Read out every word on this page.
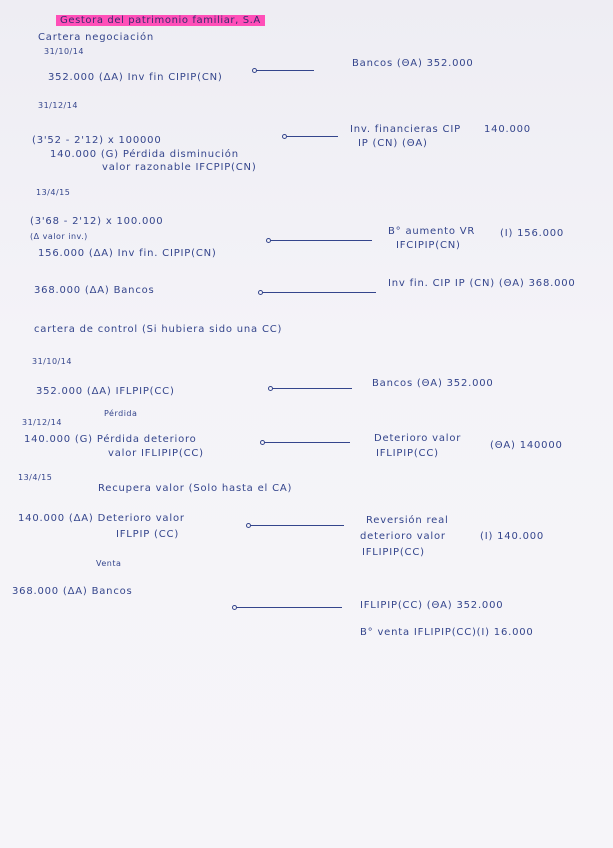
Gestora del patrimonio familiar, S.A
Cartera negociación
31/10/14
352.000 (ΔA) Inv fin CIPIP(CN)
Bancos (ΘA) 352.000
31/12/14
(3'52 - 2'12) x 100000
140.000 (G) Pérdida disminución
valor razonable IFCPIP(CN)
Inv. financieras CIP
IP (CN) (ΘA)
140.000
13/4/15
(3'68 - 2'12) x 100.000
(Δ valor inv.)
156.000 (ΔA) Inv fin. CIPIP(CN)
B° aumento VR
IFCIPIP(CN)
(I) 156.000
368.000 (ΔA) Bancos
Inv fin. CIP IP (CN) (ΘA) 368.000
cartera de control (Si hubiera sido una CC)
31/10/14
352.000 (ΔA) IFLPIP(CC)
Bancos (ΘA) 352.000
Pérdida
31/12/14
140.000 (G) Pérdida deterioro
valor IFLIPIP(CC)
Deterioro valor
IFLIPIP(CC)
(ΘA) 140000
13/4/15
Recupera valor (Solo hasta el CA)
140.000 (ΔA) Deterioro valor
IFLPIP (CC)
Reversión real
deterioro valor
IFLIPIP(CC)
(I) 140.000
Venta
368.000 (ΔA) Bancos
IFLIPIP(CC) (ΘA) 352.000
B° venta IFLIPIP(CC)(I) 16.000
